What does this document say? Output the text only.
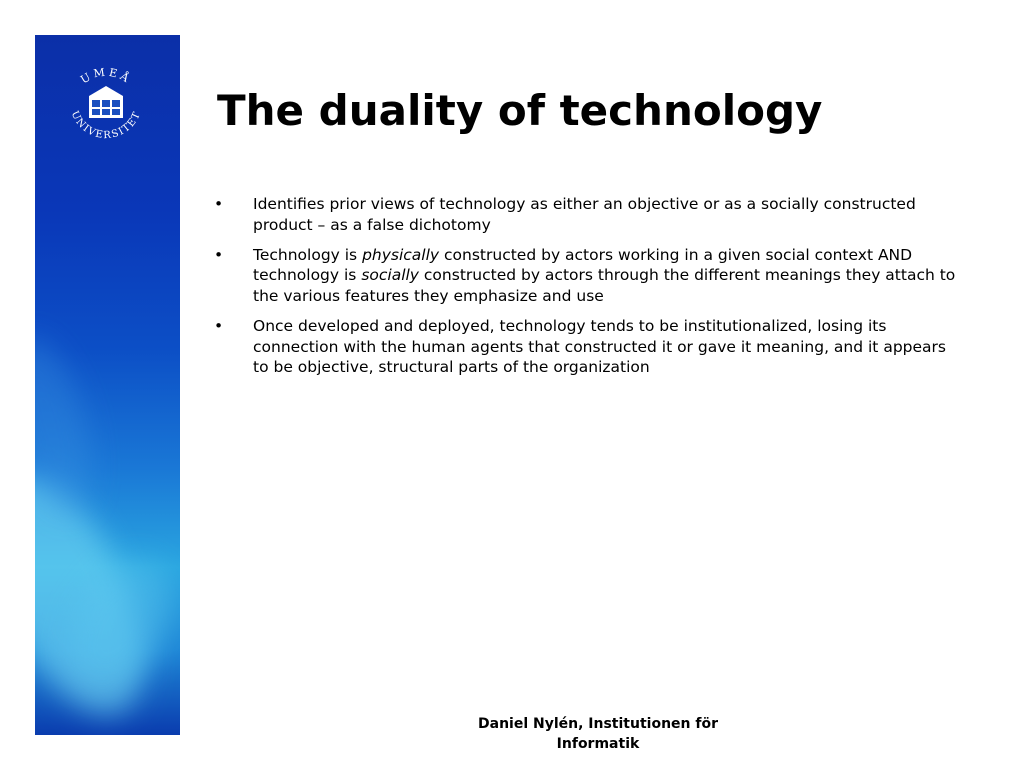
UMEÅ
UNIVERSITET The duality of technology
• Identifies prior views of technology as either an objective or as a socially constructed product – as a false dichotomy
• Technology is physically constructed by actors working in a given social context AND technology is socially constructed by actors through the different meanings they attach to the various features they emphasize and use
• Once developed and deployed, technology tends to be institutionalized, losing its connection with the human agents that constructed it or gave it meaning, and it appears to be objective, structural parts of the organization
Daniel Nylén, Institutionen för
Informatik
